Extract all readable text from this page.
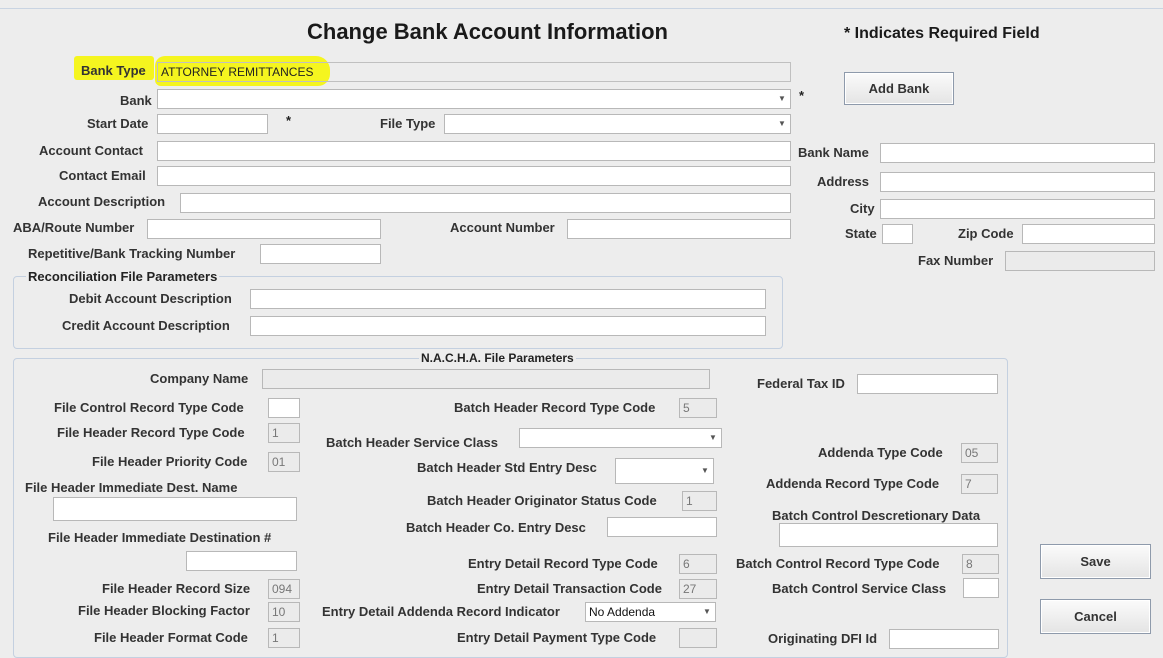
Change Bank Account Information	* Indicates Required Field
Bank Type	ATTORNEY REMITTANCES
Bank	▼ *	Add Bank
Start Date	*	File Type	▼
Account Contact
Contact Email
Account Description
ABA/Route Number	Account Number
Repetitive/Bank Tracking Number
Bank Name
Address
City
State	Zip Code
Fax Number
Reconciliation File Parameters
Debit Account Description
Credit Account Description
N.A.C.H.A. File Parameters
Company Name
File Control Record Type Code
File Header Record Type Code	1
File Header Priority Code	01
File Header Immediate Dest. Name
File Header Immediate Destination #
File Header Record Size	094
File Header Blocking Factor	10
File Header Format Code	1
Batch Header Record Type Code	5
Batch Header Service Class	▼
Batch Header Std Entry Desc	▼
Batch Header Originator Status Code	1
Batch Header Co. Entry Desc
Entry Detail Record Type Code	6
Entry Detail Transaction Code	27
Entry Detail Addenda Record Indicator	No Addenda	▼
Entry Detail Payment Type Code
Federal Tax ID
Addenda Type Code	05
Addenda Record Type Code	7
Batch Control Descretionary Data
Batch Control Record Type Code	8
Batch Control Service Class
Originating DFI Id
Save
Cancel
